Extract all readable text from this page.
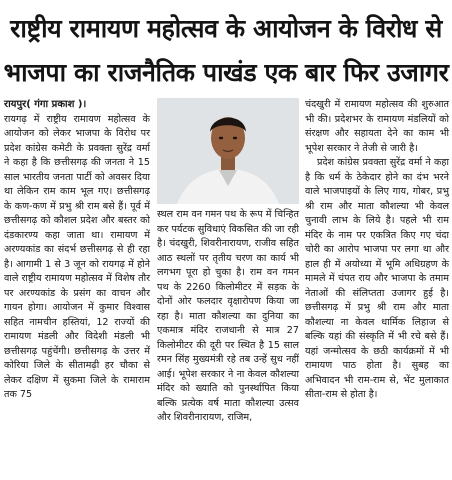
राष्ट्रीय रामायण महोत्सव के आयोजन के विरोध से
भाजपा का राजनैतिक पाखंड एक बार फिर उजागर

रायपुर( गंगा प्रकाश )।

रायगढ़ में राष्ट्रीय रामायण महोत्सव के आयोजन को लेकर भाजपा के विरोध पर प्रदेश कांग्रेस कमेटी के प्रवक्ता सुरेंद्र वर्मा ने कहा है कि छत्तीसगढ़ की जनता ने 15 साल भारतीय जनता पार्टी को अवसर दिया था लेकिन राम काम भूल गए। छत्तीसगढ़ के कण-कण में प्रभु श्री राम बसे हैं। पूर्व में छत्तीसगढ़ को कौशल प्रदेश और बस्तर को दंडकारण्य कहा जाता था। रामायण में अरण्यकांड का संदर्भ छत्तीसगढ़ से ही रहा है। आगामी 1 से 3 जून को रायगढ़ में होने वाले राष्ट्रीय रामायण महोत्सव में विशेष तौर पर अरण्यकांड के प्रसंग का वाचन और गायन होगा। आयोजन में कुमार विश्वास सहित नामचीन हस्तियां, 12 राज्यों की रामायण मंडली और विदेशी मंडली भी छत्तीसगढ़ पहुंचेंगी। छत्तीसगढ़ के उत्तर में कोरिया जिले के सीतामढ़ी हर चौका से लेकर दक्षिण में सुकमा जिले के रामाराम तक 75

स्थल राम वन गमन पथ के रूप में चिन्हित कर पर्यटक सुविधाएं विकसित की जा रही है। चंदखुरी, शिवरीनारायण, राजीव सहित आठ स्थलों पर तृतीय चरण का कार्य भी लगभग पूरा हो चुका है। राम वन गमन पथ के 2260 किलोमीटर में सड़क के दोनों ओर फलदार वृक्षारोपण किया जा रहा है। माता कौशल्या का दुनिया का एकमात्र मंदिर राजधानी से मात्र 27 किलोमीटर की दूरी पर स्थित है 15 साल रमन सिंह मुख्यमंत्री रहे तब उन्हें सुध नहीं आई। भूपेश सरकार ने ना केवल कौशल्या मंदिर को ख्याति को पुनर्स्थापित किया बल्कि प्रत्येक वर्ष माता कौशल्या उत्सव और शिवरीनारायण, राजिम,

चंदखुरी में रामायण महोत्सव की शुरुआत भी की। प्रदेशभर के रामायण मंडलियों को संरक्षण और सहायता देने का काम भी भूपेश सरकार ने तेजी से जारी है।

प्रदेश कांग्रेस प्रवक्ता सुरेंद्र वर्मा ने कहा है कि धर्म के ठेकेदार होने का दंभ भरने वाले भाजपाइयों के लिए गाय, गोबर, प्रभु श्री राम और माता कौशल्या भी केवल चुनावी लाभ के लिये है। पहले भी राम मंदिर के नाम पर एकत्रित किए गए चंदा चोरी का आरोप भाजपा पर लगा था और हाल ही में अयोध्या में भूमि अधिग्रहण के मामले में चंपत राय और भाजपा के तमाम नेताओं की संलिप्तता उजागर हुई है। छत्तीसगढ़ में प्रभु श्री राम और माता कौशल्या ना केवल धार्मिक लिहाज से बल्कि यहां की संस्कृति में भी रचे बसे हैं। यहां जन्मोत्सव के छठी कार्यक्रमों में भी रामायण पाठ होता है। सुबह का अभिवादन भी राम-राम से, भेंट मुलाकात सीता-राम से होता है।
